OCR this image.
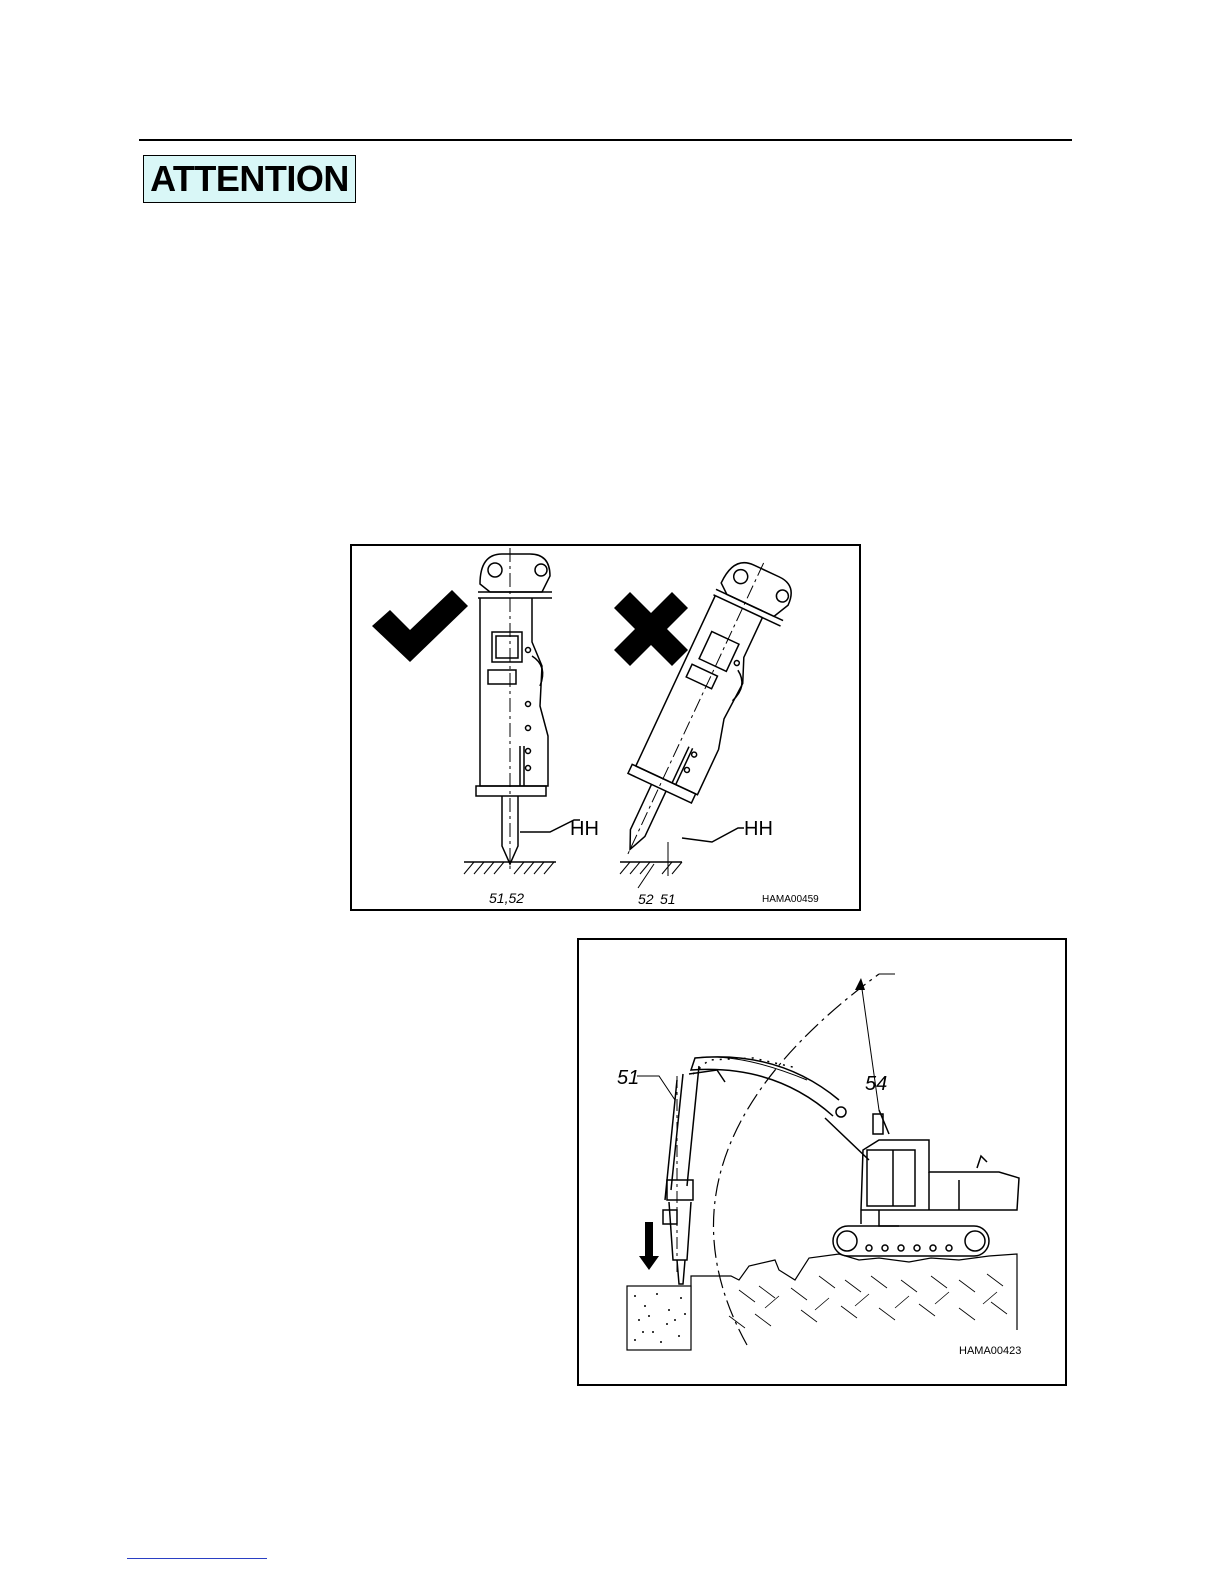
ATTENTION
HH	HH
51,52	52 51	HAMA00459
51	54
HAMA00423
